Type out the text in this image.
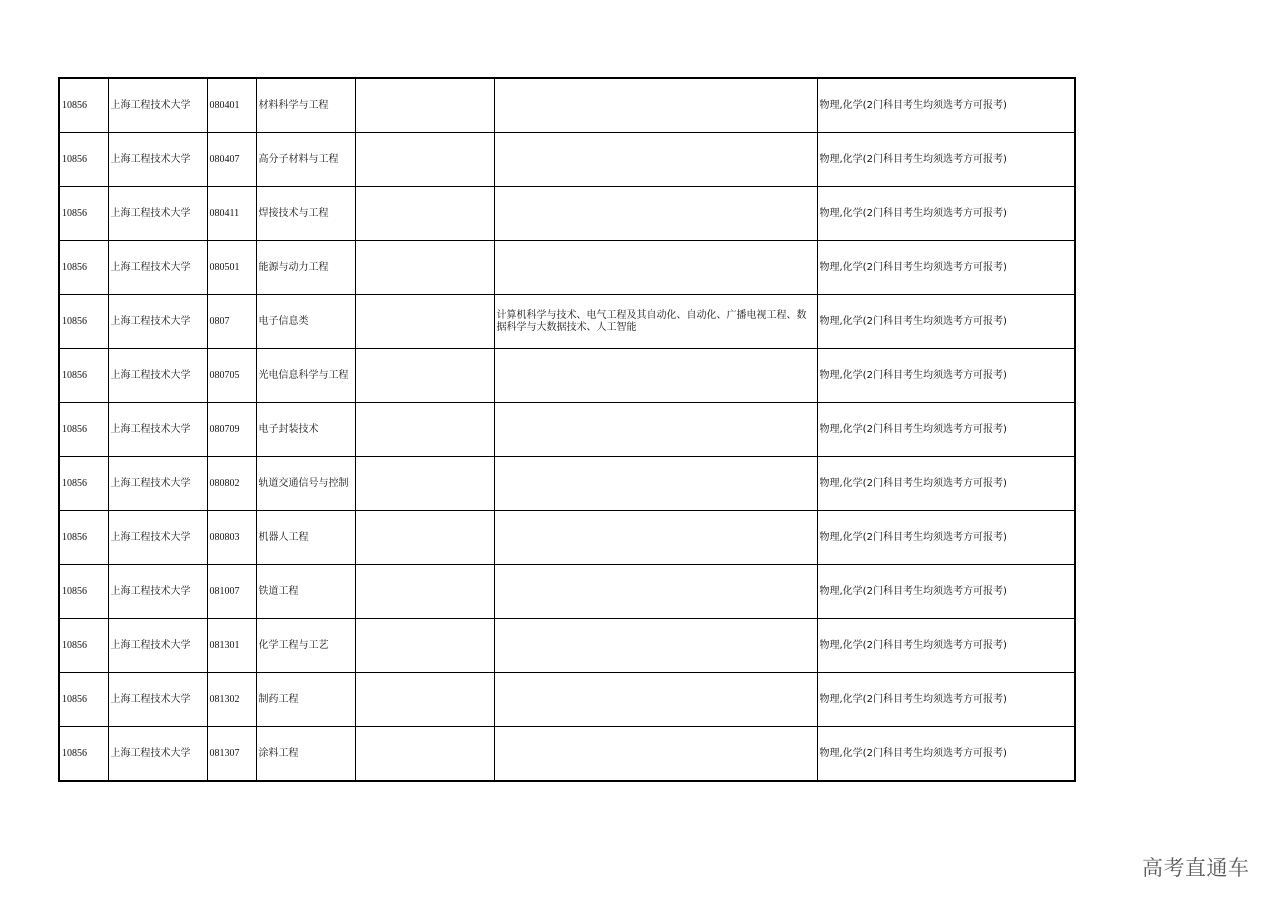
10856	上海工程技术大学	080401	材料科学与工程			物理,化学(2门科目考生均须选考方可报考)
10856	上海工程技术大学	080407	高分子材料与工程			物理,化学(2门科目考生均须选考方可报考)
10856	上海工程技术大学	080411	焊接技术与工程			物理,化学(2门科目考生均须选考方可报考)
10856	上海工程技术大学	080501	能源与动力工程			物理,化学(2门科目考生均须选考方可报考)
10856	上海工程技术大学	0807	电子信息类		计算机科学与技术、电气工程及其自动化、自动化、广播电视工程、数据科学与大数据技术、人工智能	物理,化学(2门科目考生均须选考方可报考)
10856	上海工程技术大学	080705	光电信息科学与工程			物理,化学(2门科目考生均须选考方可报考)
10856	上海工程技术大学	080709	电子封装技术			物理,化学(2门科目考生均须选考方可报考)
10856	上海工程技术大学	080802	轨道交通信号与控制			物理,化学(2门科目考生均须选考方可报考)
10856	上海工程技术大学	080803	机器人工程			物理,化学(2门科目考生均须选考方可报考)
10856	上海工程技术大学	081007	铁道工程			物理,化学(2门科目考生均须选考方可报考)
10856	上海工程技术大学	081301	化学工程与工艺			物理,化学(2门科目考生均须选考方可报考)
10856	上海工程技术大学	081302	制药工程			物理,化学(2门科目考生均须选考方可报考)
10856	上海工程技术大学	081307	涂料工程			物理,化学(2门科目考生均须选考方可报考)
高考直通车
